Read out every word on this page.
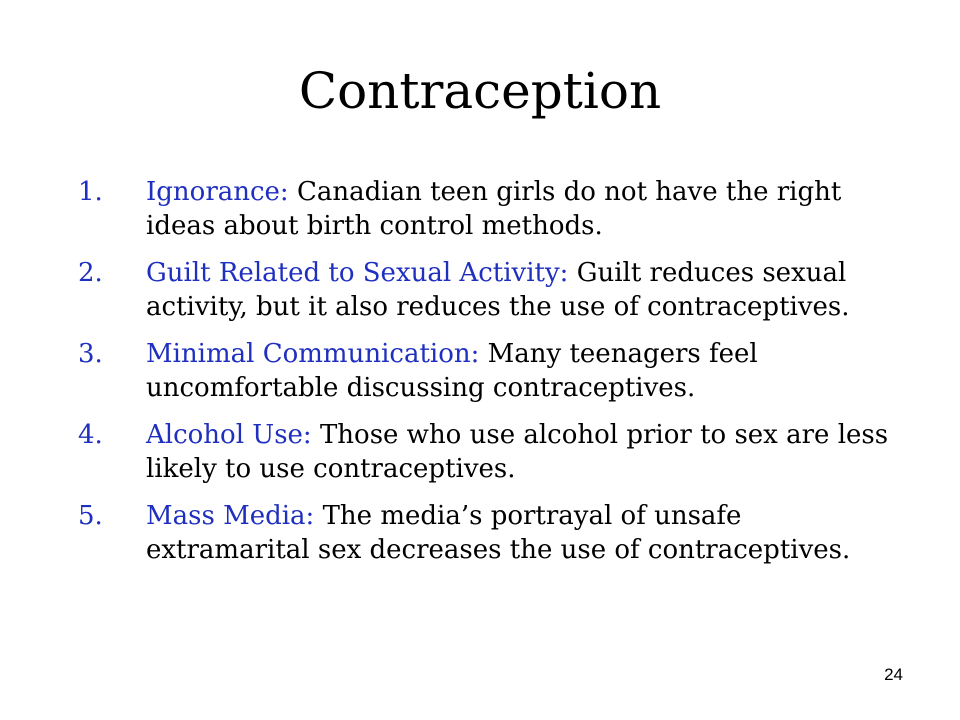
Contraception
1. Ignorance: Canadian teen girls do not have the right ideas about birth control methods.
2. Guilt Related to Sexual Activity: Guilt reduces sexual activity, but it also reduces the use of contraceptives.
3. Minimal Communication: Many teenagers feel uncomfortable discussing contraceptives.
4. Alcohol Use: Those who use alcohol prior to sex are less likely to use contraceptives.
5. Mass Media: The media’s portrayal of unsafe extramarital sex decreases the use of contraceptives.
24
